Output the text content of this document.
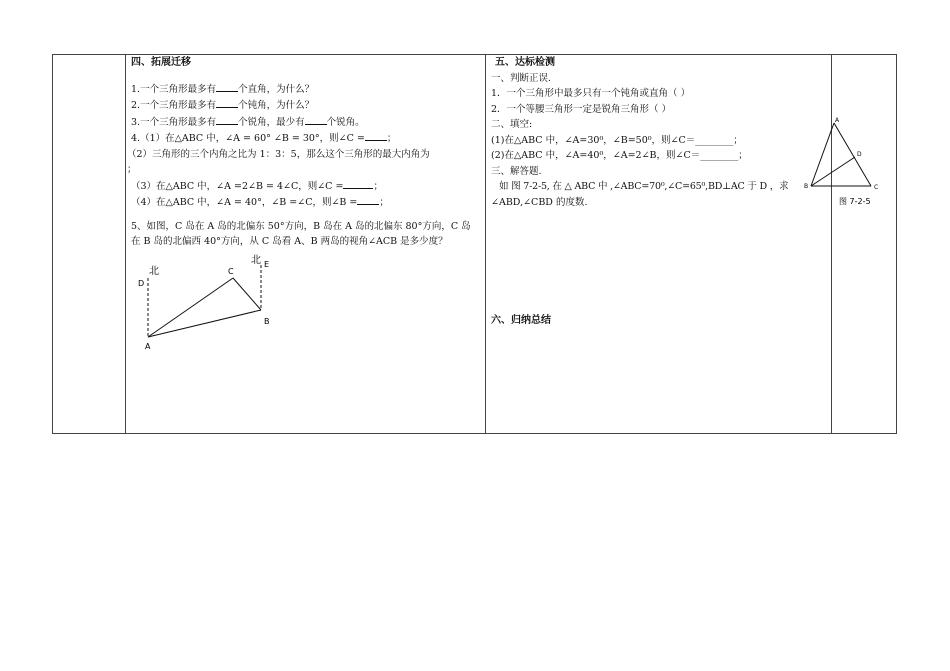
四、拓展迁移
1.一个三角形最多有 个直角，为什么？
2.一个三角形最多有 个钝角，为什么？
3.一个三角形最多有 个锐角，最少有 个锐角。
4.（1）在△ABC 中，∠A = 60° ∠B = 30°，则∠C = ；
（2）三角形的三个内角之比为 1：3：5，那么这个三角形的最大内角为
；
（3）在△ABC 中，∠A =2∠B = 4∠C，则∠C =	；
（4）在△ABC 中，∠A = 40°，∠B =∠C，则∠B = ；
5、如图，C 岛在 A 岛的北偏东 50°方向，B 岛在 A 岛的北偏东 80°方向，C 岛
在 B 岛的北偏西 40°方向，从 C 岛看 A、B 两岛的视角∠ACB 是多少度？
北
D
C
北 E
B
A
五、达标检测
一、判断正误.
1．一个三角形中最多只有一个钝角或直角（ ）
2．一个等腰三角形一定是锐角三角形（ ）
二、填空:
(1)在△ABC 中，∠A=30⁰，∠B=50⁰，则∠C＝________；
(2)在△ABC 中，∠A=40⁰，∠A=2∠B，则∠C＝________；
三、解答题.
如 图 7-2-5, 在 △ ABC 中 ,∠ABC=70⁰,∠C=65⁰,BD⊥AC 于 D ，求
∠ABD,∠CBD 的度数.
六、归纳总结
A
D
B	C
图 7-2-5
